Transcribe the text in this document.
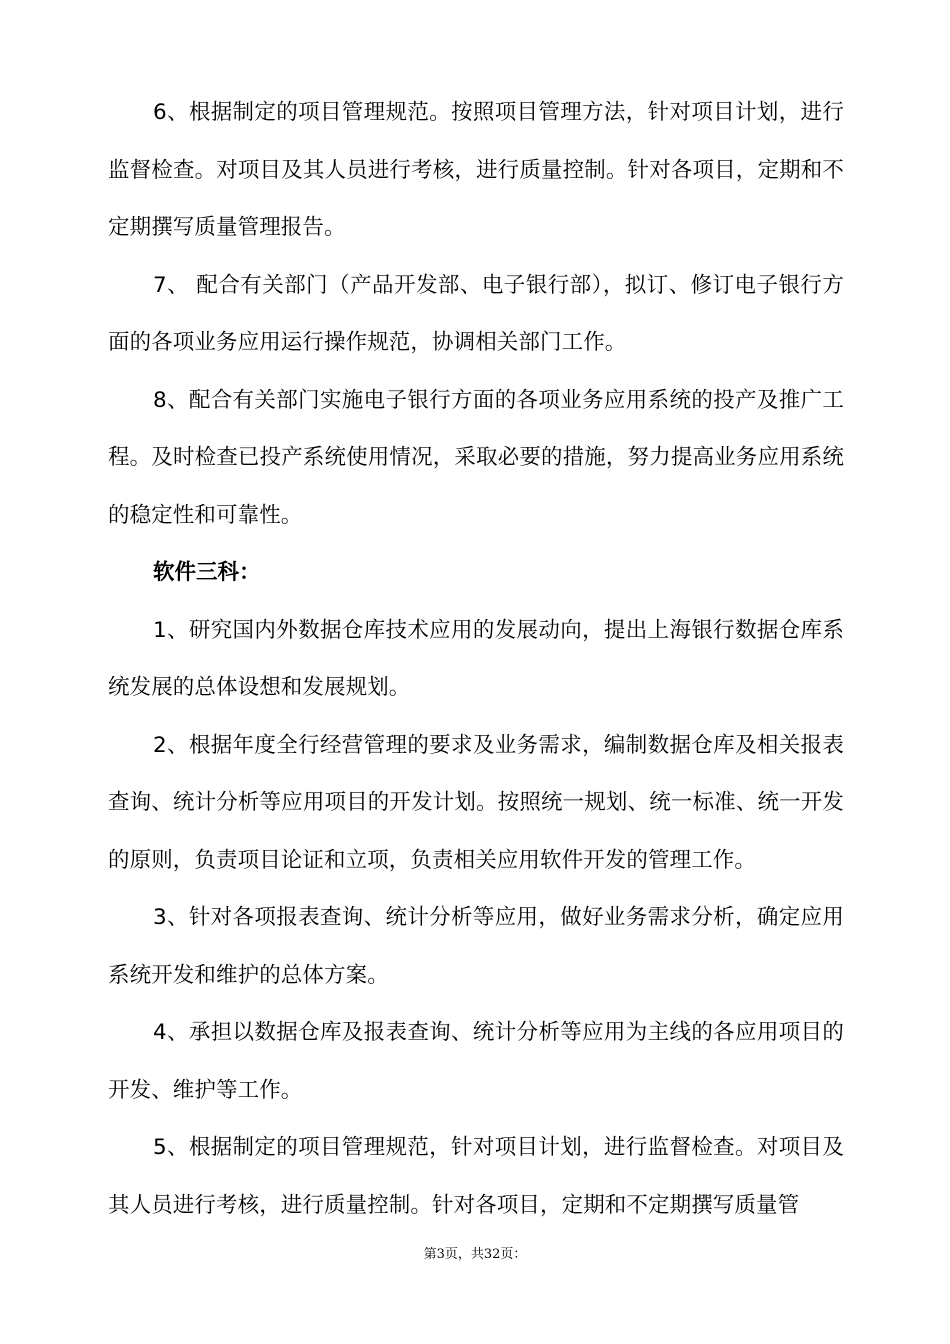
6、根据制定的项目管理规范。按照项目管理方法，针对项目计划，进行监督检查。对项目及其人员进行考核，进行质量控制。针对各项目，定期和不定期撰写质量管理报告。

7、 配合有关部门（产品开发部、电子银行部），拟订、修订电子银行方面的各项业务应用运行操作规范，协调相关部门工作。

8、配合有关部门实施电子银行方面的各项业务应用系统的投产及推广工程。及时检查已投产系统使用情况，采取必要的措施，努力提高业务应用系统的稳定性和可靠性。

软件三科：

1、研究国内外数据仓库技术应用的发展动向，提出上海银行数据仓库系统发展的总体设想和发展规划。

2、根据年度全行经营管理的要求及业务需求，编制数据仓库及相关报表查询、统计分析等应用项目的开发计划。按照统一规划、统一标准、统一开发的原则，负责项目论证和立项，负责相关应用软件开发的管理工作。

3、针对各项报表查询、统计分析等应用，做好业务需求分析，确定应用系统开发和维护的总体方案。

4、承担以数据仓库及报表查询、统计分析等应用为主线的各应用项目的开发、维护等工作。

5、根据制定的项目管理规范，针对项目计划，进行监督检查。对项目及其人员进行考核，进行质量控制。针对各项目，定期和不定期撰写质量管

第3页，共32页：
